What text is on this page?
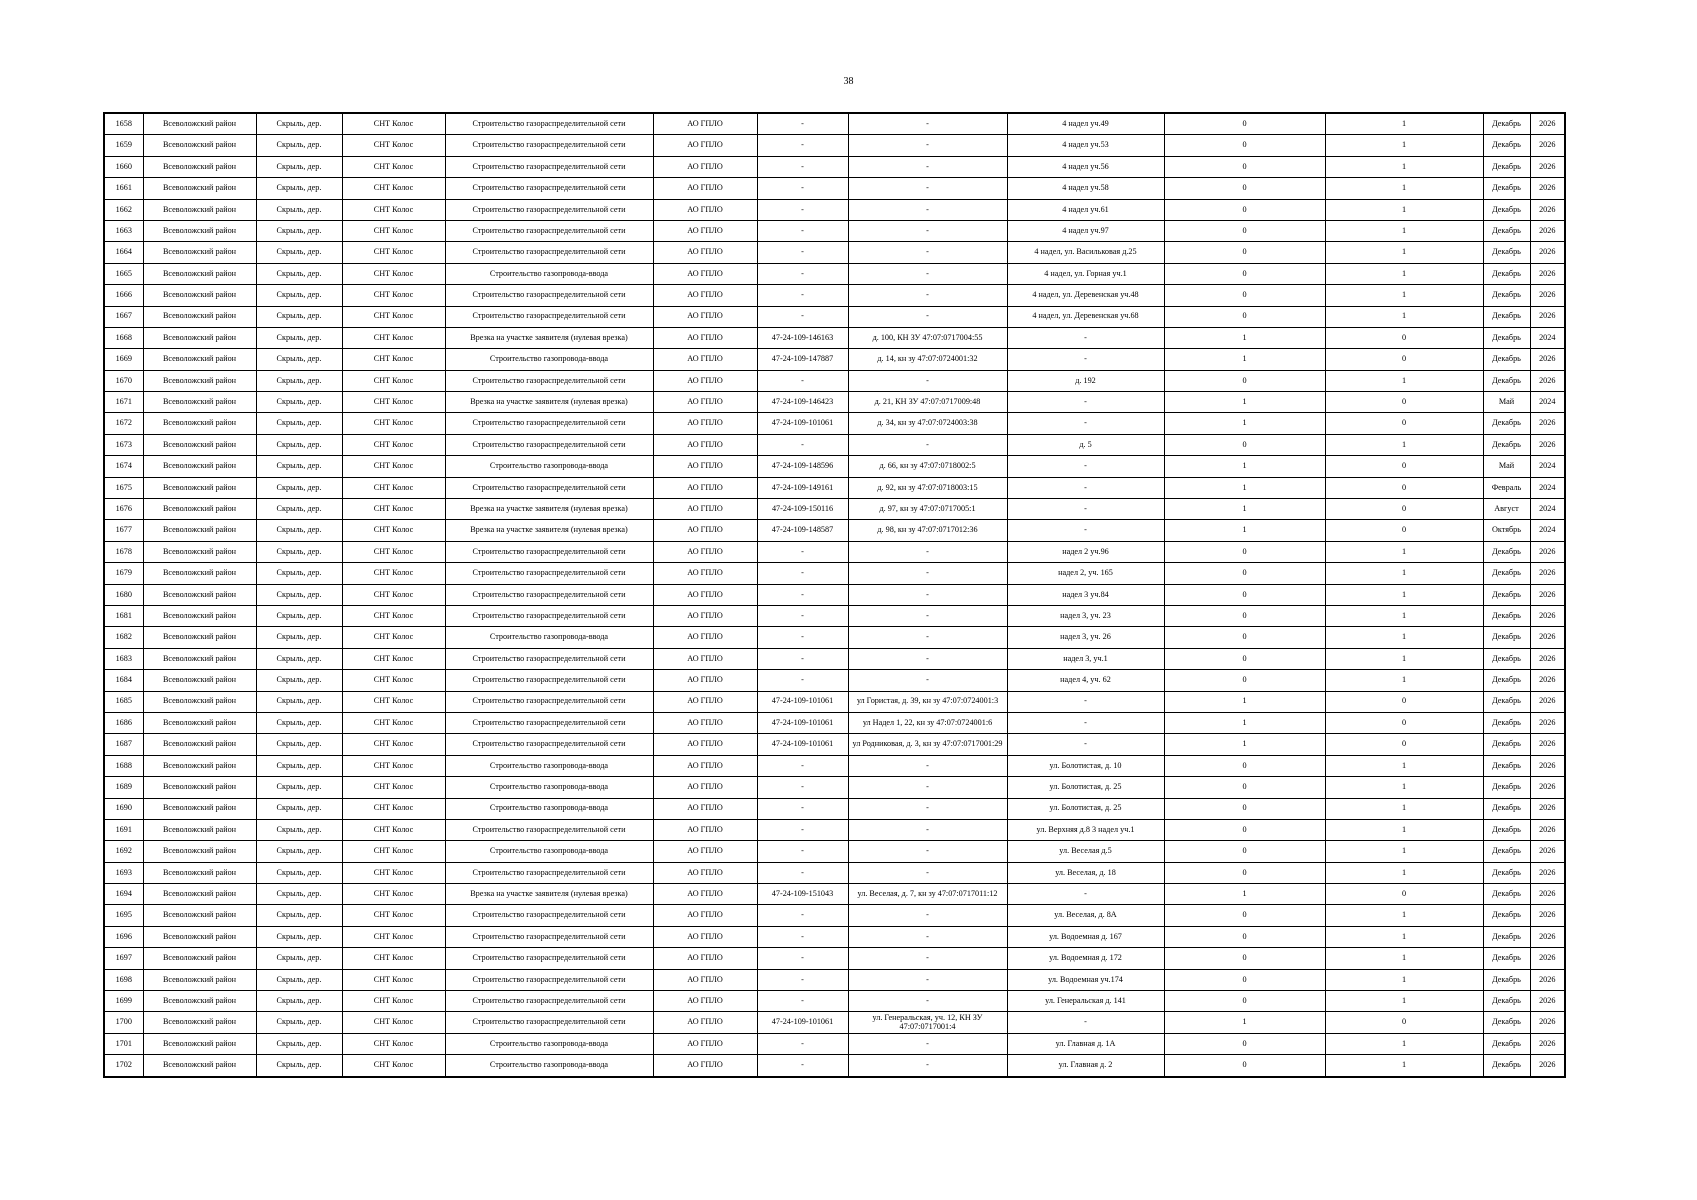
38
1658	Всеволожский район	Скрыль, дер.	СНТ Колос	Строительство газораспределительной сети	АО ГПЛО	-	-	4 надел уч.49	0	1	Декабрь	2026
1659	Всеволожский район	Скрыль, дер.	СНТ Колос	Строительство газораспределительной сети	АО ГПЛО	-	-	4 надел уч.53	0	1	Декабрь	2026
1660	Всеволожский район	Скрыль, дер.	СНТ Колос	Строительство газораспределительной сети	АО ГПЛО	-	-	4 надел уч.56	0	1	Декабрь	2026
1661	Всеволожский район	Скрыль, дер.	СНТ Колос	Строительство газораспределительной сети	АО ГПЛО	-	-	4 надел уч.58	0	1	Декабрь	2026
1662	Всеволожский район	Скрыль, дер.	СНТ Колос	Строительство газораспределительной сети	АО ГПЛО	-	-	4 надел уч.61	0	1	Декабрь	2026
1663	Всеволожский район	Скрыль, дер.	СНТ Колос	Строительство газораспределительной сети	АО ГПЛО	-	-	4 надел уч.97	0	1	Декабрь	2026
1664	Всеволожский район	Скрыль, дер.	СНТ Колос	Строительство газораспределительной сети	АО ГПЛО	-	-	4 надел, ул. Васильковая д.25	0	1	Декабрь	2026
1665	Всеволожский район	Скрыль, дер.	СНТ Колос	Строительство газопровода-ввода	АО ГПЛО	-	-	4 надел, ул. Горная уч.1	0	1	Декабрь	2026
1666	Всеволожский район	Скрыль, дер.	СНТ Колос	Строительство газораспределительной сети	АО ГПЛО	-	-	4 надел, ул. Деревенская уч.48	0	1	Декабрь	2026
1667	Всеволожский район	Скрыль, дер.	СНТ Колос	Строительство газораспределительной сети	АО ГПЛО	-	-	4 надел, ул. Деревенская уч.68	0	1	Декабрь	2026
1668	Всеволожский район	Скрыль, дер.	СНТ Колос	Врезка на участке заявителя (нулевая врезка)	АО ГПЛО	47-24-109-146163	д. 100, КН ЗУ 47:07:0717004:55	-	1	0	Декабрь	2024
1669	Всеволожский район	Скрыль, дер.	СНТ Колос	Строительство газопровода-ввода	АО ГПЛО	47-24-109-147887	д. 14, кн зу 47:07:0724001:32	-	1	0	Декабрь	2026
1670	Всеволожский район	Скрыль, дер.	СНТ Колос	Строительство газораспределительной сети	АО ГПЛО	-	-	д. 192	0	1	Декабрь	2026
1671	Всеволожский район	Скрыль, дер.	СНТ Колос	Врезка на участке заявителя (нулевая врезка)	АО ГПЛО	47-24-109-146423	д. 21, КН ЗУ 47:07:0717009:48	-	1	0	Май	2024
1672	Всеволожский район	Скрыль, дер.	СНТ Колос	Строительство газораспределительной сети	АО ГПЛО	47-24-109-101061	д. 34, кн зу 47:07:0724003:38	-	1	0	Декабрь	2026
1673	Всеволожский район	Скрыль, дер.	СНТ Колос	Строительство газораспределительной сети	АО ГПЛО	-	-	д. 5	0	1	Декабрь	2026
1674	Всеволожский район	Скрыль, дер.	СНТ Колос	Строительство газопровода-ввода	АО ГПЛО	47-24-109-148596	д. 66, кн зу 47:07:0718002:5	-	1	0	Май	2024
1675	Всеволожский район	Скрыль, дер.	СНТ Колос	Строительство газораспределительной сети	АО ГПЛО	47-24-109-149161	д. 92, кн зу 47:07:0718003:15	-	1	0	Февраль	2024
1676	Всеволожский район	Скрыль, дер.	СНТ Колос	Врезка на участке заявителя (нулевая врезка)	АО ГПЛО	47-24-109-150116	д. 97, кн зу 47:07:0717005:1	-	1	0	Август	2024
1677	Всеволожский район	Скрыль, дер.	СНТ Колос	Врезка на участке заявителя (нулевая врезка)	АО ГПЛО	47-24-109-148587	д. 98, кн зу 47:07:0717012:36	-	1	0	Октябрь	2024
1678	Всеволожский район	Скрыль, дер.	СНТ Колос	Строительство газораспределительной сети	АО ГПЛО	-	-	надел 2 уч.96	0	1	Декабрь	2026
1679	Всеволожский район	Скрыль, дер.	СНТ Колос	Строительство газораспределительной сети	АО ГПЛО	-	-	надел 2, уч. 165	0	1	Декабрь	2026
1680	Всеволожский район	Скрыль, дер.	СНТ Колос	Строительство газораспределительной сети	АО ГПЛО	-	-	надел 3 уч.84	0	1	Декабрь	2026
1681	Всеволожский район	Скрыль, дер.	СНТ Колос	Строительство газораспределительной сети	АО ГПЛО	-	-	надел 3, уч. 23	0	1	Декабрь	2026
1682	Всеволожский район	Скрыль, дер.	СНТ Колос	Строительство газопровода-ввода	АО ГПЛО	-	-	надел 3, уч. 26	0	1	Декабрь	2026
1683	Всеволожский район	Скрыль, дер.	СНТ Колос	Строительство газораспределительной сети	АО ГПЛО	-	-	надел 3, уч.1	0	1	Декабрь	2026
1684	Всеволожский район	Скрыль, дер.	СНТ Колос	Строительство газораспределительной сети	АО ГПЛО	-	-	надел 4, уч. 62	0	1	Декабрь	2026
1685	Всеволожский район	Скрыль, дер.	СНТ Колос	Строительство газораспределительной сети	АО ГПЛО	47-24-109-101061	ул Гористая, д. 39, кн зу 47:07:0724001:3	-	1	0	Декабрь	2026
1686	Всеволожский район	Скрыль, дер.	СНТ Колос	Строительство газораспределительной сети	АО ГПЛО	47-24-109-101061	ул Надел 1, 22, кн зу 47:07:0724001:6	-	1	0	Декабрь	2026
1687	Всеволожский район	Скрыль, дер.	СНТ Колос	Строительство газораспределительной сети	АО ГПЛО	47-24-109-101061	ул Родниковая, д. 3, кн зу 47:07:0717001:29	-	1	0	Декабрь	2026
1688	Всеволожский район	Скрыль, дер.	СНТ Колос	Строительство газопровода-ввода	АО ГПЛО	-	-	ул. Болотистая, д. 10	0	1	Декабрь	2026
1689	Всеволожский район	Скрыль, дер.	СНТ Колос	Строительство газопровода-ввода	АО ГПЛО	-	-	ул. Болотистая, д. 25	0	1	Декабрь	2026
1690	Всеволожский район	Скрыль, дер.	СНТ Колос	Строительство газопровода-ввода	АО ГПЛО	-	-	ул. Болотистая, д. 25	0	1	Декабрь	2026
1691	Всеволожский район	Скрыль, дер.	СНТ Колос	Строительство газораспределительной сети	АО ГПЛО	-	-	ул. Верхняя д.8 3 надел уч.1	0	1	Декабрь	2026
1692	Всеволожский район	Скрыль, дер.	СНТ Колос	Строительство газопровода-ввода	АО ГПЛО	-	-	ул. Веселая д.5	0	1	Декабрь	2026
1693	Всеволожский район	Скрыль, дер.	СНТ Колос	Строительство газораспределительной сети	АО ГПЛО	-	-	ул. Веселая, д. 18	0	1	Декабрь	2026
1694	Всеволожский район	Скрыль, дер.	СНТ Колос	Врезка на участке заявителя (нулевая врезка)	АО ГПЛО	47-24-109-151043	ул. Веселая, д. 7, кн зу 47:07:0717011:12	-	1	0	Декабрь	2026
1695	Всеволожский район	Скрыль, дер.	СНТ Колос	Строительство газораспределительной сети	АО ГПЛО	-	-	ул. Веселая, д. 8А	0	1	Декабрь	2026
1696	Всеволожский район	Скрыль, дер.	СНТ Колос	Строительство газораспределительной сети	АО ГПЛО	-	-	ул. Водоемная д. 167	0	1	Декабрь	2026
1697	Всеволожский район	Скрыль, дер.	СНТ Колос	Строительство газораспределительной сети	АО ГПЛО	-	-	ул. Водоемная д. 172	0	1	Декабрь	2026
1698	Всеволожский район	Скрыль, дер.	СНТ Колос	Строительство газораспределительной сети	АО ГПЛО	-	-	ул. Водоемная уч.174	0	1	Декабрь	2026
1699	Всеволожский район	Скрыль, дер.	СНТ Колос	Строительство газораспределительной сети	АО ГПЛО	-	-	ул. Генеральская д. 141	0	1	Декабрь	2026
1700	Всеволожский район	Скрыль, дер.	СНТ Колос	Строительство газораспределительной сети	АО ГПЛО	47-24-109-101061	ул. Генеральская, уч. 12, КН ЗУ 47:07:0717001:4	-	1	0	Декабрь	2026
1701	Всеволожский район	Скрыль, дер.	СНТ Колос	Строительство газопровода-ввода	АО ГПЛО	-	-	ул. Главная д. 1А	0	1	Декабрь	2026
1702	Всеволожский район	Скрыль, дер.	СНТ Колос	Строительство газопровода-ввода	АО ГПЛО	-	-	ул. Главная д. 2	0	1	Декабрь	2026
